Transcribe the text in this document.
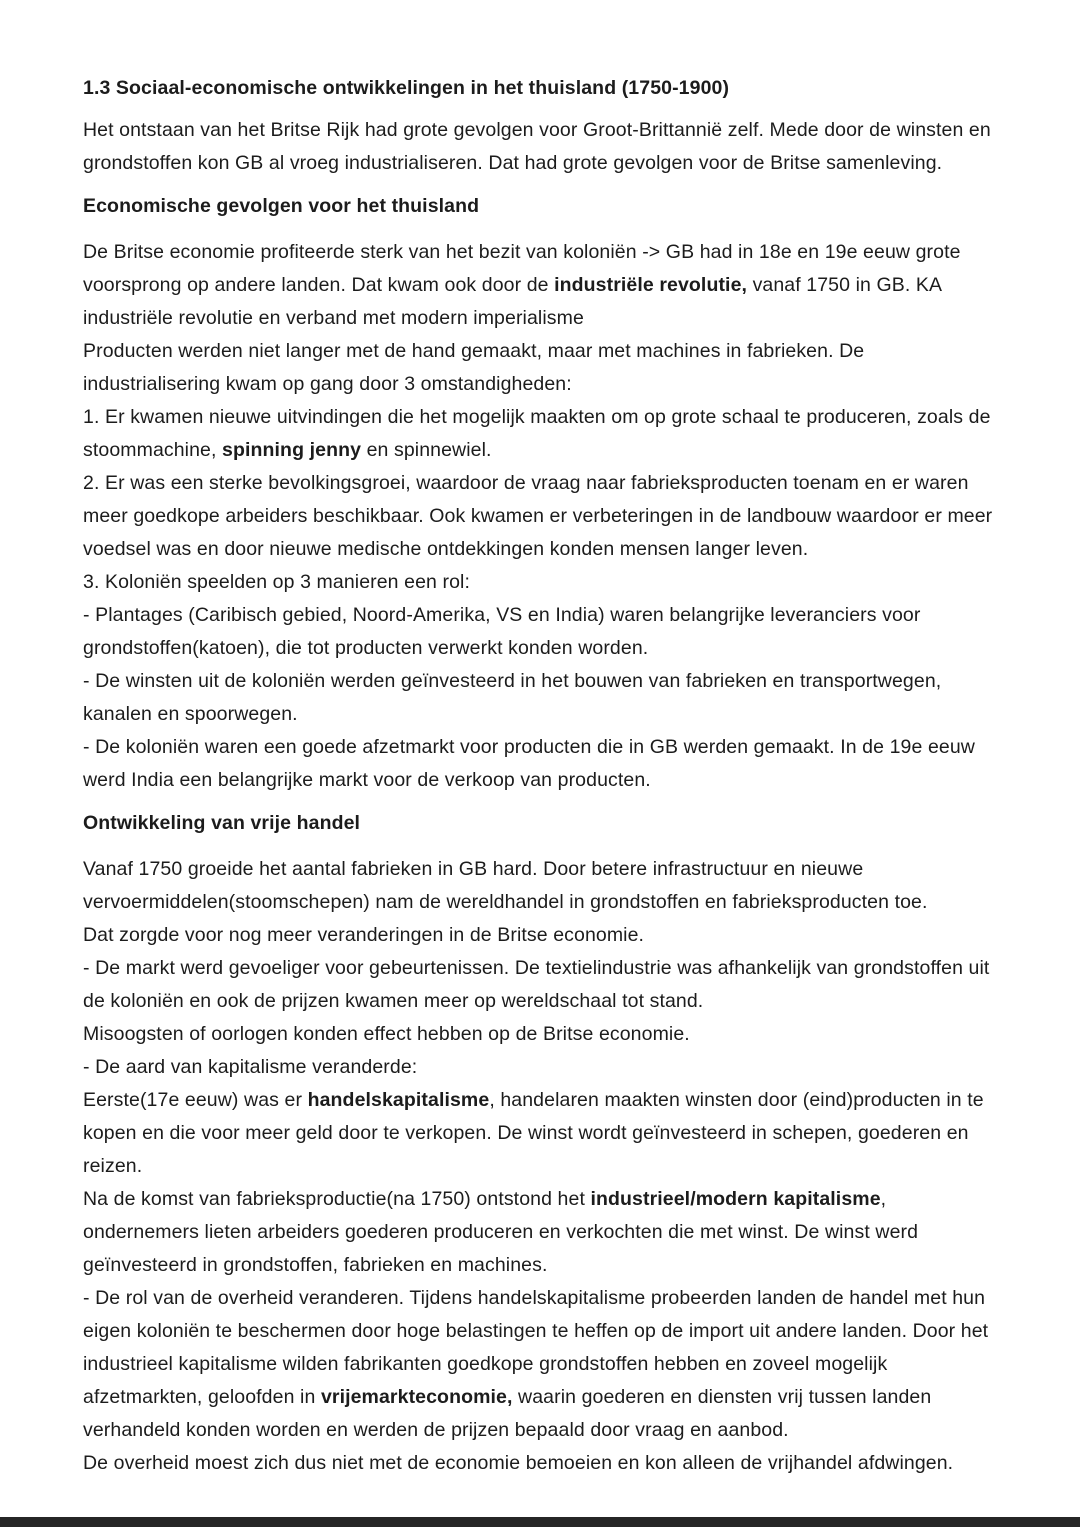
1.3 Sociaal-economische ontwikkelingen in het thuisland (1750-1900)

Het ontstaan van het Britse Rijk had grote gevolgen voor Groot-Brittannië zelf. Mede door de winsten en grondstoffen kon GB al vroeg industrialiseren. Dat had grote gevolgen voor de Britse samenleving.

Economische gevolgen voor het thuisland

De Britse economie profiteerde sterk van het bezit van koloniën -> GB had in 18e en 19e eeuw grote voorsprong op andere landen. Dat kwam ook door de industriële revolutie, vanaf 1750 in GB. KA industriële revolutie en verband met modern imperialisme

Producten werden niet langer met de hand gemaakt, maar met machines in fabrieken. De industrialisering kwam op gang door 3 omstandigheden:

1. Er kwamen nieuwe uitvindingen die het mogelijk maakten om op grote schaal te produceren, zoals de stoommachine, spinning jenny en spinnewiel.

2. Er was een sterke bevolkingsgroei, waardoor de vraag naar fabrieksproducten toenam en er waren meer goedkope arbeiders beschikbaar. Ook kwamen er verbeteringen in de landbouw waardoor er meer voedsel was en door nieuwe medische ontdekkingen konden mensen langer leven.

3. Koloniën speelden op 3 manieren een rol:

- Plantages (Caribisch gebied, Noord-Amerika, VS en India) waren belangrijke leveranciers voor grondstoffen(katoen), die tot producten verwerkt konden worden.

- De winsten uit de koloniën werden geïnvesteerd in het bouwen van fabrieken en transportwegen, kanalen en spoorwegen.

- De koloniën waren een goede afzetmarkt voor producten die in GB werden gemaakt. In de 19e eeuw werd India een belangrijke markt voor de verkoop van producten.

Ontwikkeling van vrije handel

Vanaf 1750 groeide het aantal fabrieken in GB hard. Door betere infrastructuur en nieuwe vervoermiddelen(stoomschepen) nam de wereldhandel in grondstoffen en fabrieksproducten toe.

Dat zorgde voor nog meer veranderingen in de Britse economie.

- De markt werd gevoeliger voor gebeurtenissen. De textielindustrie was afhankelijk van grondstoffen uit de koloniën en ook de prijzen kwamen meer op wereldschaal tot stand.

Misoogsten of oorlogen konden effect hebben op de Britse economie.

- De aard van kapitalisme veranderde:

Eerste(17e eeuw) was er handelskapitalisme, handelaren maakten winsten door (eind)producten in te kopen en die voor meer geld door te verkopen. De winst wordt geïnvesteerd in schepen, goederen en reizen.

Na de komst van fabrieksproductie(na 1750) ontstond het industrieel/modern kapitalisme, ondernemers lieten arbeiders goederen produceren en verkochten die met winst. De winst werd geïnvesteerd in grondstoffen, fabrieken en machines.

- De rol van de overheid veranderen. Tijdens handelskapitalisme probeerden landen de handel met hun eigen koloniën te beschermen door hoge belastingen te heffen op de import uit andere landen. Door het industrieel kapitalisme wilden fabrikanten goedkope grondstoffen hebben en zoveel mogelijk afzetmarkten, geloofden in vrijemarkteconomie, waarin goederen en diensten vrij tussen landen verhandeld konden worden en werden de prijzen bepaald door vraag en aanbod.

De overheid moest zich dus niet met de economie bemoeien en kon alleen de vrijhandel afdwingen.
